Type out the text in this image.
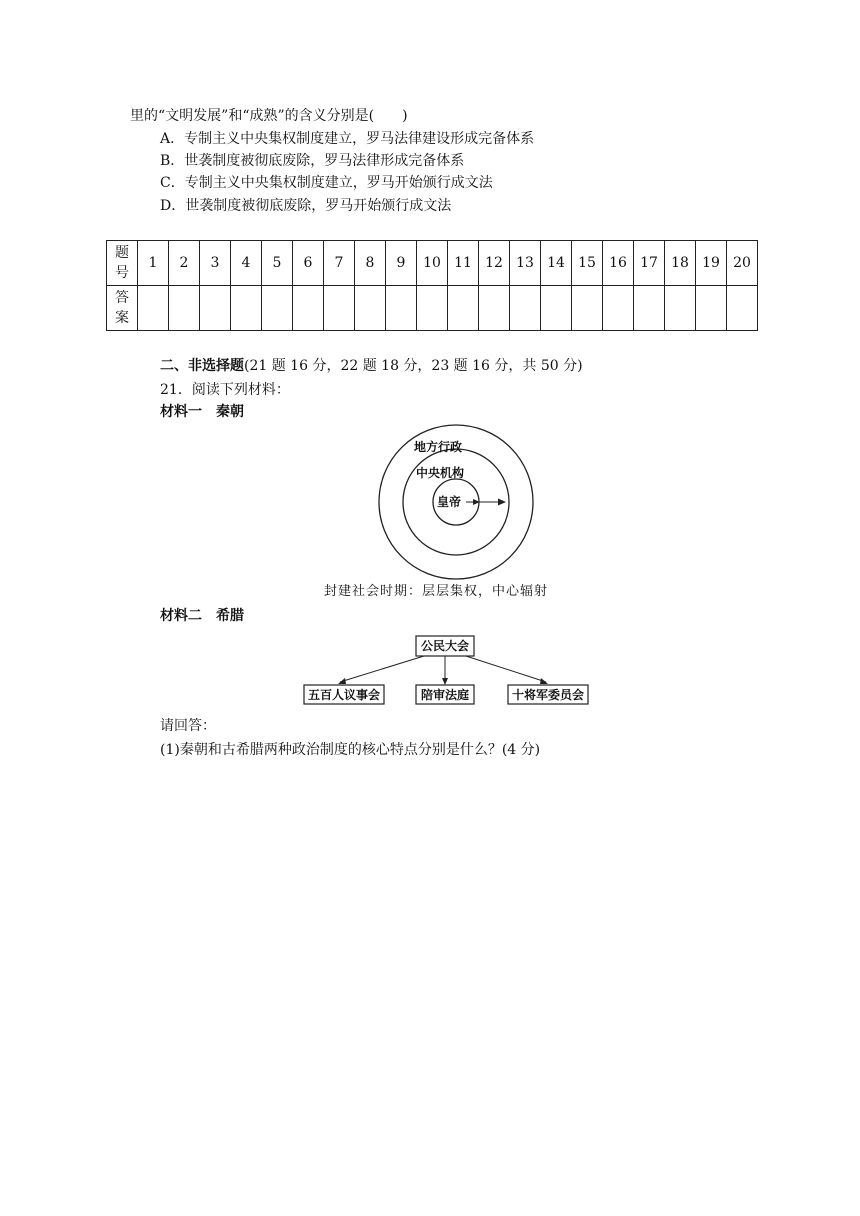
里的“文明发展”和“成熟”的含义分别是(　　)
A．专制主义中央集权制度建立，罗马法律建设形成完备体系
B．世袭制度被彻底废除，罗马法律形成完备体系
C．专制主义中央集权制度建立，罗马开始颁行成文法
D．世袭制度被彻底废除，罗马开始颁行成文法
题
号	1	2	3	4	5	6	7	8	9	10	11	12	13	14	15	16	17	18	19	20
答
案																				
二、非选择题(21 题 16 分，22 题 18 分，23 题 16 分，共 50 分)
21．阅读下列材料：
材料一　秦朝
地方行政
中央机构
皇帝
封建社会时期：层层集权，中心辐射
材料二　希腊
公民大会
五百人议事会	陪审法庭	十将军委员会
请回答：
(1)秦朝和古希腊两种政治制度的核心特点分别是什么？(4 分)
